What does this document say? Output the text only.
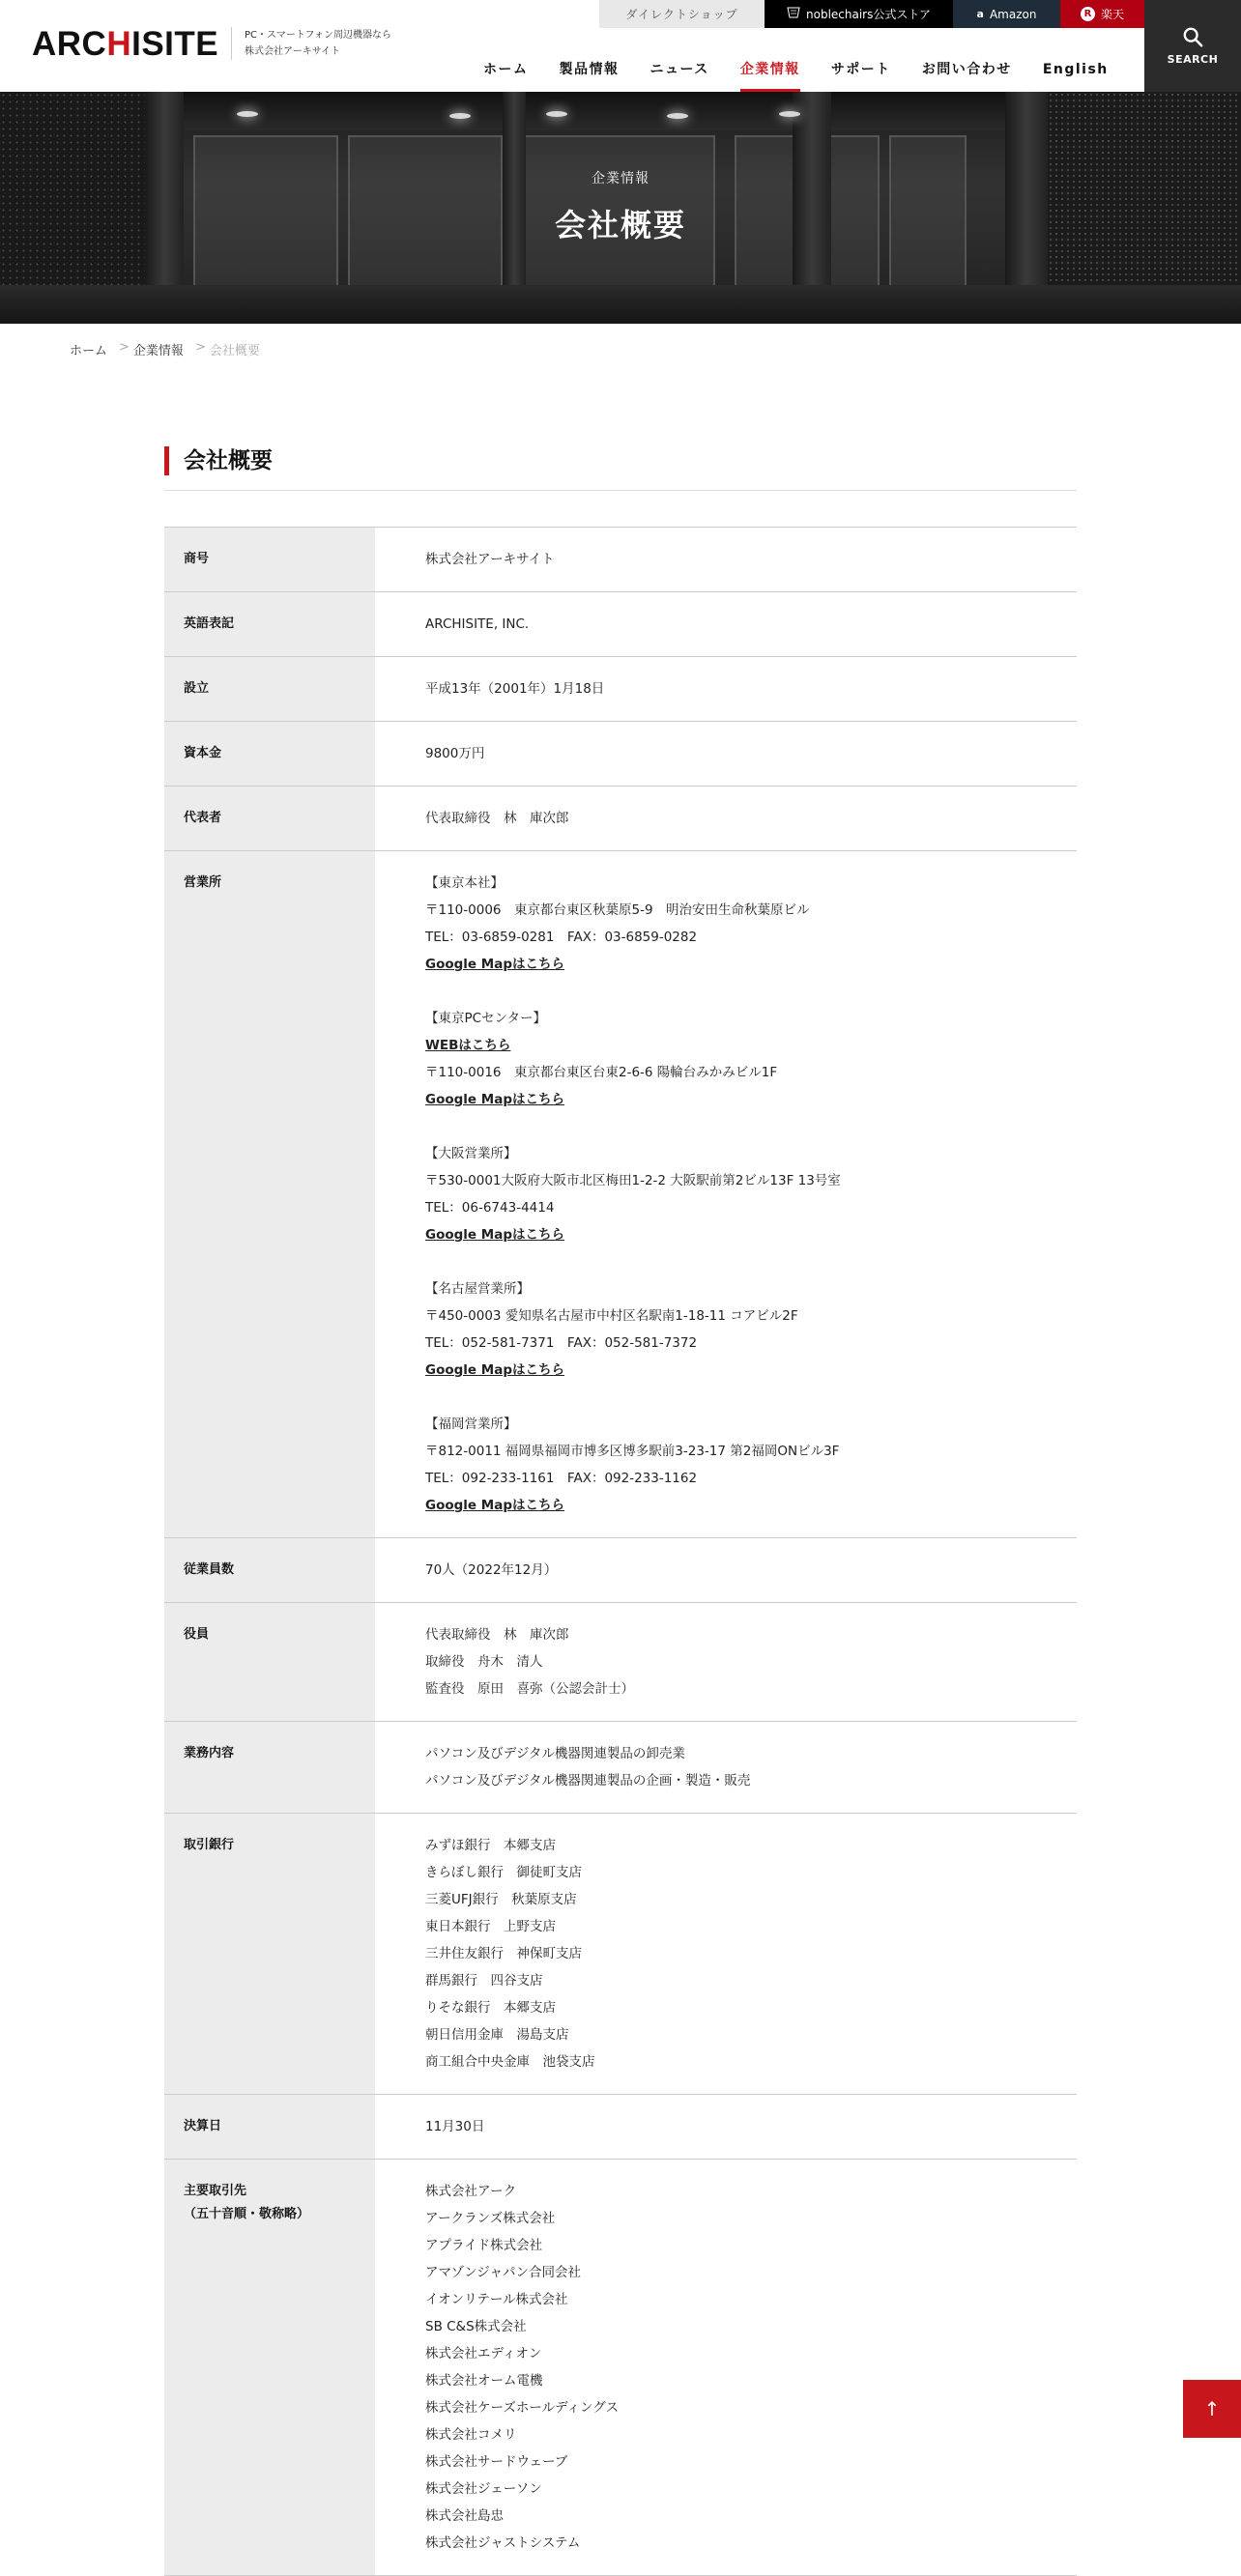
ARCHISITE	PC・スマートフォン周辺機器なら
株式会社アーキサイト
ダイレクトショップ	noblechairs公式ストア	a Amazon	R 楽天
SEARCH
ホーム 製品情報 ニュース 企業情報 サポート お問い合わせ English
企業情報
会社概要
ホーム > 企業情報 > 会社概要
会社概要
商号	株式会社アーキサイト
英語表記	ARCHISITE, INC.
設立	平成13年（2001年）1月18日
資本金	9800万円
代表者	代表取締役　林　庫次郎
営業所	【東京本社】
〒110-0006　東京都台東区秋葉原5-9　明治安田生命秋葉原ビル
TEL：03-6859-0281　FAX：03-6859-0282
Google Mapはこちら
【東京PCセンター】
WEBはこちら
〒110-0016　東京都台東区台東2-6-6 陽輪台みかみビル1F
Google Mapはこちら
【大阪営業所】
〒530-0001大阪府大阪市北区梅田1-2-2 大阪駅前第2ビル13F 13号室
TEL：06-6743-4414
Google Mapはこちら
【名古屋営業所】
〒450-0003 愛知県名古屋市中村区名駅南1-18-11 コアビル2F
TEL：052-581-7371　FAX：052-581-7372
Google Mapはこちら
【福岡営業所】
〒812-0011 福岡県福岡市博多区博多駅前3-23-17 第2福岡ONビル3F
TEL：092-233-1161　FAX：092-233-1162
Google Mapはこちら
従業員数	70人（2022年12月）
役員	代表取締役　林　庫次郎
取締役　舟木　清人
監査役　原田　喜弥（公認会計士）
業務内容	パソコン及びデジタル機器関連製品の卸売業
パソコン及びデジタル機器関連製品の企画・製造・販売
取引銀行	みずほ銀行　本郷支店
きらぼし銀行　御徒町支店
三菱UFJ銀行　秋葉原支店
東日本銀行　上野支店
三井住友銀行　神保町支店
群馬銀行　四谷支店
りそな銀行　本郷支店
朝日信用金庫　湯島支店
商工組合中央金庫　池袋支店
決算日	11月30日
主要取引先
（五十音順・敬称略）
株式会社アーク
アークランズ株式会社
アプライド株式会社
アマゾンジャパン合同会社
イオンリテール株式会社
SB C&S株式会社
株式会社エディオン
株式会社オーム電機
株式会社ケーズホールディングス
株式会社コメリ
株式会社サードウェーブ
株式会社ジェーソン
株式会社島忠
株式会社ジャストシステム
↑
